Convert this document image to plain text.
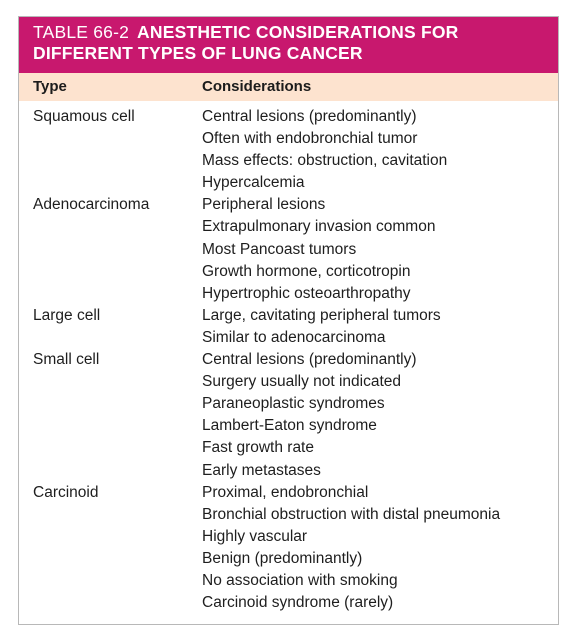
TABLE 66-2 ANESTHETIC CONSIDERATIONS FOR
DIFFERENT TYPES OF LUNG CANCER
Type	Considerations
Squamous cell	Central lesions (predominantly)
Often with endobronchial tumor
Mass effects: obstruction, cavitation
Hypercalcemia
Adenocarcinoma	Peripheral lesions
Extrapulmonary invasion common
Most Pancoast tumors
Growth hormone, corticotropin
Hypertrophic osteoarthropathy
Large cell	Large, cavitating peripheral tumors
Similar to adenocarcinoma
Small cell	Central lesions (predominantly)
Surgery usually not indicated
Paraneoplastic syndromes
Lambert-Eaton syndrome
Fast growth rate
Early metastases
Carcinoid	Proximal, endobronchial
Bronchial obstruction with distal pneumonia
Highly vascular
Benign (predominantly)
No association with smoking
Carcinoid syndrome (rarely)
